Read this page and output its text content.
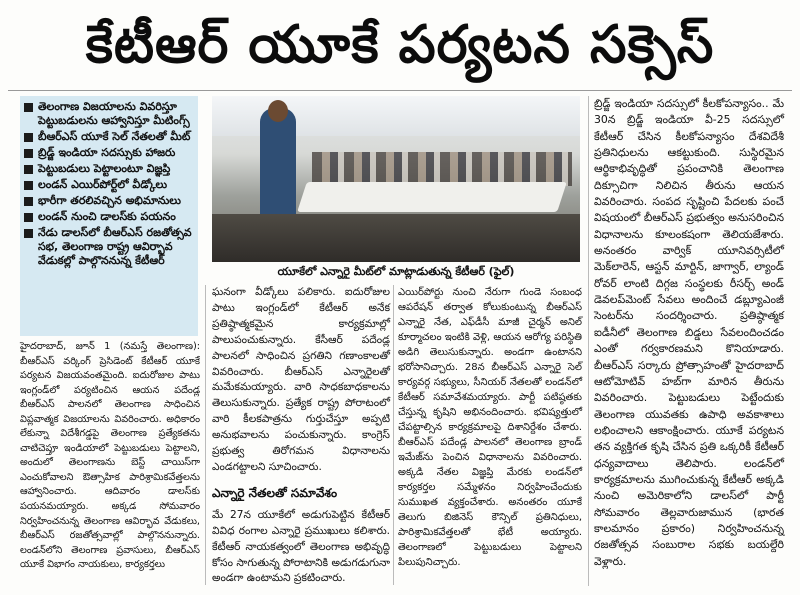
కేటీఆర్ యూకే పర్యటన సక్సెస్
తెలంగాణ విజయాలను వివరిస్తూ పెట్టుబడులను ఆహ్వానిస్తూ మీటింగ్స్
బీఆర్ఎస్ యూకే సెల్ నేతలతో మీట్
బ్రిడ్జ్ ఇండియా సదస్సుకు హాజరు
పెట్టుబడులు పెట్టాలంటూ విజ్ఞప్తి
లండన్ ఎయిర్‌పోర్ట్‌లో వీడ్కోలు
భారీగా తరలివచ్చిన అభిమానులు
లండన్ నుంచి డాలస్‌కు పయనం
నేడు డాలస్‌లో బీఆర్ఎస్ రజతోత్సవ సభ, తెలంగాణ రాష్ట్ర ఆవిర్భావ వేడుకల్లో పాల్గొననున్న కేటీఆర్
యూకేలో ఎన్నారై మీట్‌లో మాట్లాడుతున్న కేటీఆర్ (ఫైల్)

హైదరాబాద్, జూన్ 1 (నమస్తే తెలంగాణ): బీఆర్ఎస్ వర్కింగ్ ప్రెసిడెంట్ కేటీఆర్ యూకే పర్యటన విజయవంతమైంది. ఐదురోజుల పాటు ఇంగ్లండ్‌లో పర్యటించిన ఆయన పదేండ్ల బీఆర్ఎస్ పాలనలో తెలంగాణ సాధించిన విప్లవాత్మక విజయాలను వివరించారు. అధికారం లేకున్నా విదేశీగడ్డపై తెలంగాణ ప్రత్యేకతను చాటిచెప్తూ ఇండియాలో పెట్టుబడులు పెట్టాలని, అందులో తెలంగాణను బెస్ట్ చాయిస్‌గా ఎంచుకోవాలని ఔత్సాహిక పారిశ్రామికవేత్తలను ఆహ్వానించారు. ఆదివారం డాలస్‌కు పయనమయ్యారు. అక్కడ సోమవారం నిర్వహించనున్న తెలంగాణ ఆవిర్భావ వేడుకలు, బీఆర్ఎస్ రజతోత్సవాల్లో పాల్గొననున్నారు. లండన్‌లోని తెలంగాణ ప్రవాసులు, బీఆర్ఎస్ యూకే విభాగం నాయకులు, కార్యకర్తలు

ఘనంగా వీడ్కోలు పలికారు. ఐదురోజుల పాటు ఇంగ్లండ్‌లో కేటీఆర్ అనేక ప్రతిష్ఠాత్మకమైన కార్యక్రమాల్లో పాలుపంచుకున్నారు. కేసీఆర్ పదేండ్ల పాలనలో సాధించిన ప్రగతిని గణాంకాలతో వివరించారు. బీఆర్ఎస్ ఎన్నారైలతో మమేకమయ్యారు. వారి సాధకబాధకాలను తెలుసుకున్నారు. ప్రత్యేక రాష్ట్ర పోరాటంలో వారి కీలకపాత్రను గుర్తుచేస్తూ అప్పటి అనుభవాలను పంచుకున్నారు. కాంగ్రెస్ ప్రభుత్వ తిరోగమన విధానాలను ఎండగట్టాలని సూచించారు.

ఎన్నారై నేతలతో సమావేశం

మే 27న యూకేలో అడుగుపెట్టిన కేటీఆర్ వివిధ రంగాల ఎన్నారై ప్రముఖులు కలిశారు. కేటీఆర్ నాయకత్వంలో తెలంగాణ అభివృద్ధి కోసం సాగుతున్న పోరాటానికి అడుగడుగునా అండగా ఉంటామని ప్రకటించారు.

ఎయిర్‌పోర్టు నుంచి నేరుగా గుండె సంబంధ ఆపరేషన్ తర్వాత కోలుకుంటున్న బీఆర్ఎస్ ఎన్నారై నేత, ఎఫ్‌డీసీ మాజీ చైర్మన్ అనిల్ కూర్మాచలం ఇంటికి వెళ్లి, ఆయన ఆరోగ్య పరిస్థితి అడిగి తెలుసుకున్నారు. అండగా ఉంటానని భరోసానిచ్చారు. 28న బీఆర్ఎస్ ఎన్నారై సెల్ కార్యవర్గ సభ్యులు, సీనియర్ నేతలతో లండన్‌లో కేటీఆర్ సమావేశమయ్యారు. పార్టీ పటిష్ఠతకు చేస్తున్న కృషిని అభినందించారు. భవిష్యత్తులో చేపట్టాల్సిన కార్యక్రమాలపై దిశానిర్దేశం చేశారు. బీఆర్ఎస్ పదేండ్ల పాలనలో తెలంగాణ బ్రాండ్ ఇమేజ్‌ను పెంచిన విధానాలను వివరించారు. అక్కడి నేతల విజ్ఞప్తి మేరకు లండన్‌లో కార్యకర్తల సమ్మేళనం నిర్వహించేందుకు సుముఖత వ్యక్తంచేశారు. అనంతరం యూకే తెలుగు బిజినెస్ కౌన్సిల్ ప్రతినిధులు, పారిశ్రామికవేత్తలతో భేటీ అయ్యారు. తెలంగాణలో పెట్టుబడులు పెట్టాలని పిలుపునిచ్చారు.

బ్రిడ్జ్ ఇండియా సదస్సులో కీలకోపన్యాసం.. మే 30న బ్రిడ్జ్ ఇండియా వీ-25 సదస్సులో కేటీఆర్ చేసిన కీలకోపన్యాసం దేశవిదేశీ ప్రతినిధులను ఆకట్టుకుంది. సుస్థిరమైన ఆర్థికాభివృద్ధితో ప్రపంచానికి తెలంగాణ దిక్సూచిగా నిలిచిన తీరును ఆయన వివరించారు. సంపద సృష్టించి పేదలకు పంచే విషయంలో బీఆర్ఎస్ ప్రభుత్వం అనుసరించిన విధానాలను కూలంకషంగా తెలియజేశారు. అనంతరం వార్విక్ యూనివర్సిటీలో మెక్‌లారెన్, ఆస్టన్ మార్టిన్, జాగ్వార్, ల్యాండ్ రోవర్ లాంటి దిగ్గజ సంస్థలకు రీసర్చ్ అండ్ డెవలప్‌మెంట్ సేవలు అందించే డబ్ల్యూఎంజీ సెంటర్‌ను సందర్శించారు. ప్రతిష్ఠాత్మక ఐడీనీలో తెలంగాణ బిడ్డలు సేవలందించడం ఎంతో గర్వకారణమని కొనియాడారు. బీఆర్ఎస్ సర్కారు ప్రోత్సాహంతో హైదరాబాద్ ఆటోమోటివ్ హబ్‌గా మారిన తీరును వివరించారు. పెట్టుబడులు పెట్టేందుకు తెలంగాణ యువతకు ఉపాధి అవకాశాలు లభించాలని ఆకాంక్షించారు. యూకే పర్యటన తన వ్యక్తిగత కృషి చేసిన ప్రతి ఒక్కరికీ కేటీఆర్ ధన్యవాదాలు తెలిపారు. లండన్‌లో కార్యక్రమాలను ముగించుకున్న కేటీఆర్ అక్కడి నుంచి అమెరికాలోని డాలస్‌లో పార్టీ సోమవారం తెల్లవారుజామున (భారత కాలమానం ప్రకారం) నిర్వహించనున్న రజతోత్సవ సంబురాల సభకు బయల్దేరి వెళ్లారు.
